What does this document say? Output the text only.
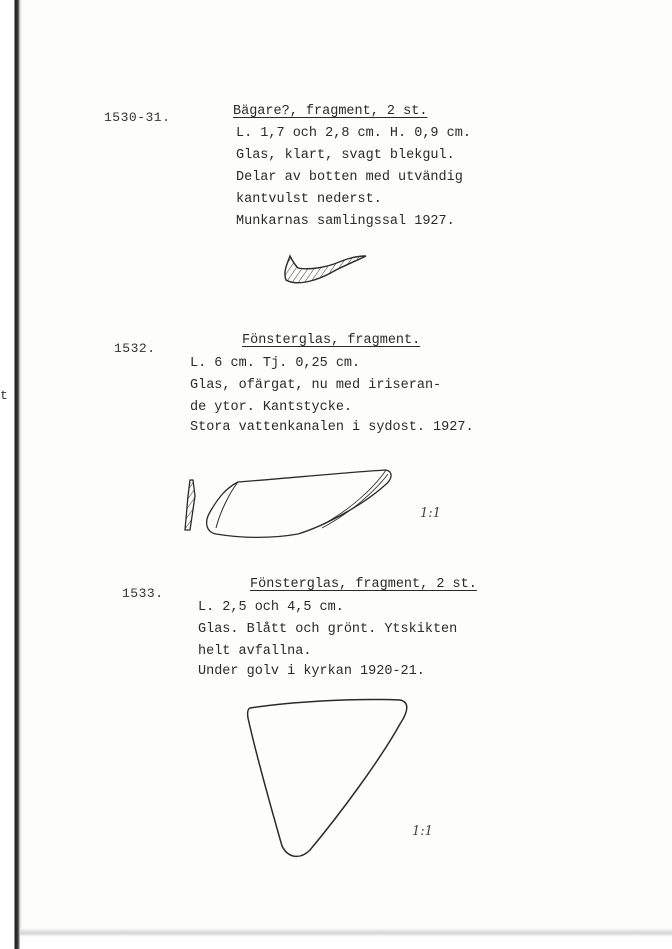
t
1530-31.	Bägare?, fragment, 2 st.
L. 1,7 och 2,8 cm. H. 0,9 cm.
Glas, klart, svagt blekgul.
Delar av botten med utvändig
kantvulst nederst.
Munkarnas samlingssal 1927.
1532.
Fönsterglas, fragment.
L. 6 cm. Tj. 0,25 cm.
Glas, ofärgat, nu med iriseran-
de ytor. Kantstycke.
Stora vattenkanalen i sydost. 1927.
1:1
1533.
Fönsterglas, fragment, 2 st.
L. 2,5 och 4,5 cm.
Glas. Blått och grönt. Ytskikten
helt avfallna.
Under golv i kyrkan 1920-21.
1:1
